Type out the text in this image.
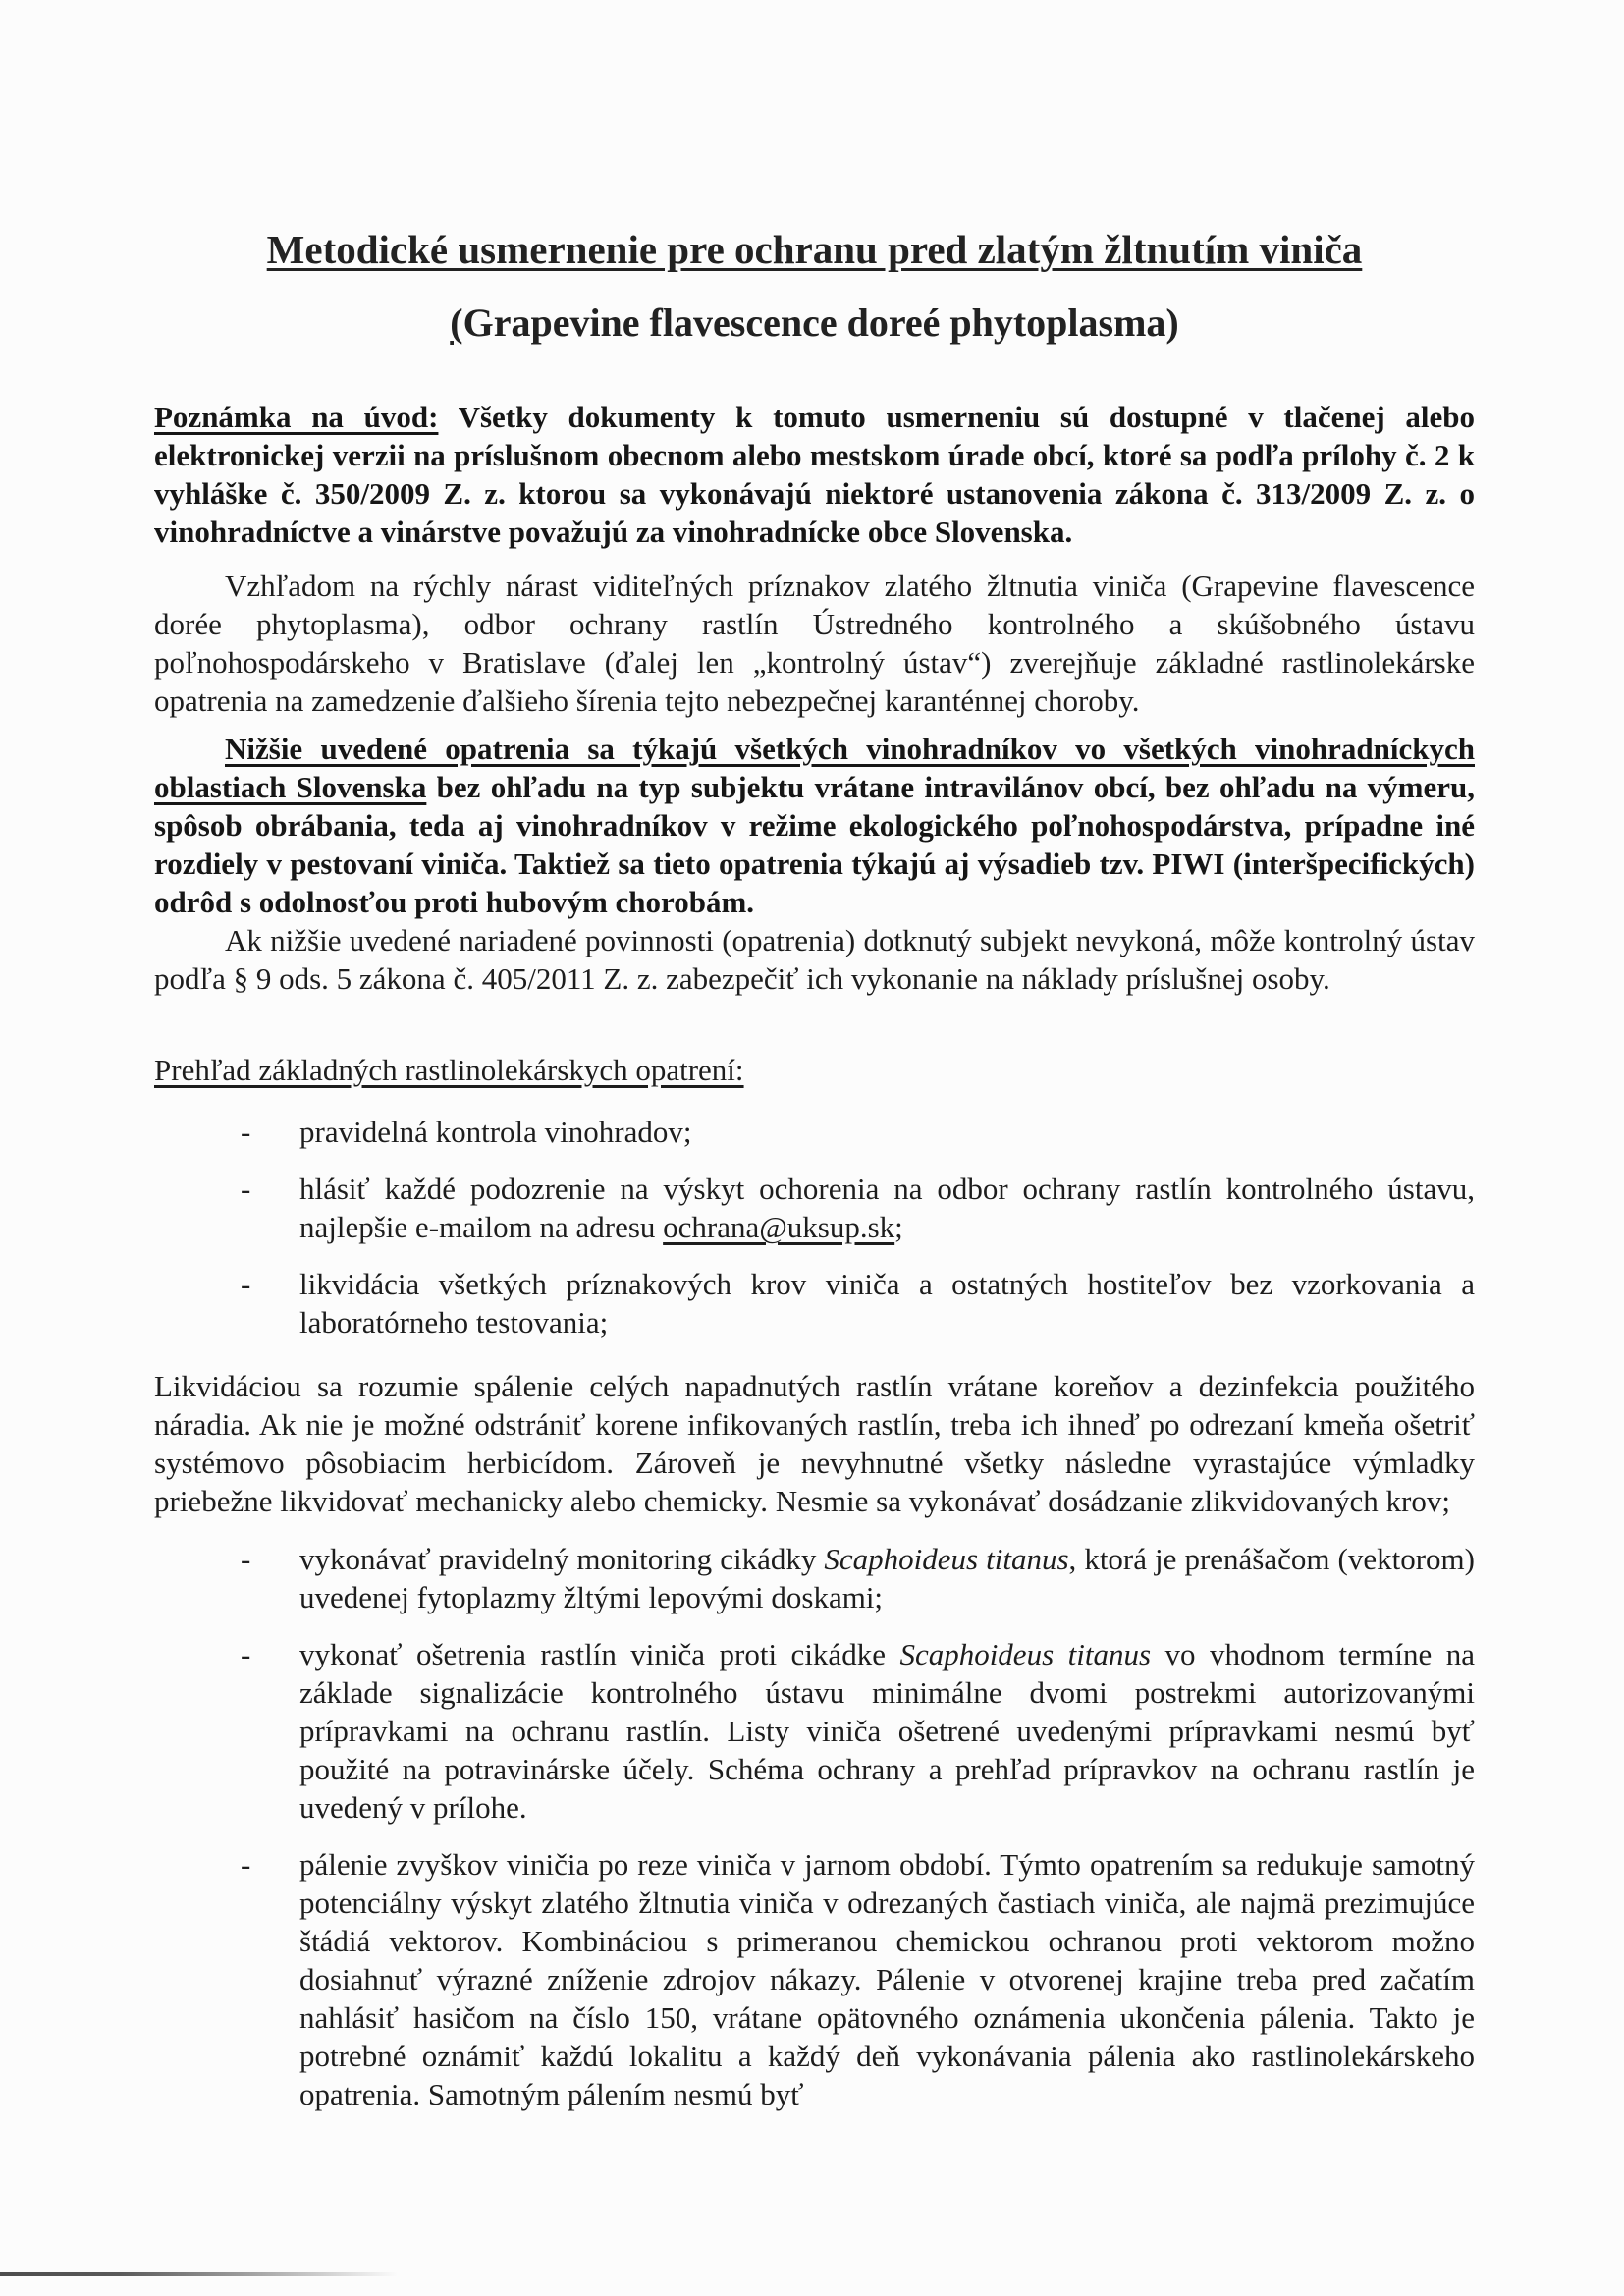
Metodické usmernenie pre ochranu pred zlatým žltnutím viniča
(Grapevine flavescence doreé phytoplasma)

Poznámka na úvod: Všetky dokumenty k tomuto usmerneniu sú dostupné v tlačenej alebo elektronickej verzii na príslušnom obecnom alebo mestskom úrade obcí, ktoré sa podľa prílohy č. 2 k vyhláške č. 350/2009 Z. z. ktorou sa vykonávajú niektoré ustanovenia zákona č. 313/2009 Z. z. o vinohradníctve a vinárstve považujú za vinohradnícke obce Slovenska.

Vzhľadom na rýchly nárast viditeľných príznakov zlatého žltnutia viniča (Grapevine flavescence dorée phytoplasma), odbor ochrany rastlín Ústredného kontrolného a skúšobného ústavu poľnohospodárskeho v Bratislave (ďalej len „kontrolný ústav“) zverejňuje základné rastlinolekárske opatrenia na zamedzenie ďalšieho šírenia tejto nebezpečnej karanténnej choroby.

Nižšie uvedené opatrenia sa týkajú všetkých vinohradníkov vo všetkých vinohradníckych oblastiach Slovenska bez ohľadu na typ subjektu vrátane intravilánov obcí, bez ohľadu na výmeru, spôsob obrábania, teda aj vinohradníkov v režime ekologického poľnohospodárstva, prípadne iné rozdiely v pestovaní viniča. Taktiež sa tieto opatrenia týkajú aj výsadieb tzv. PIWI (interšpecifických) odrôd s odolnosťou proti hubovým chorobám.

Ak nižšie uvedené nariadené povinnosti (opatrenia) dotknutý subjekt nevykoná, môže kontrolný ústav podľa § 9 ods. 5 zákona č. 405/2011 Z. z. zabezpečiť ich vykonanie na náklady príslušnej osoby.

Prehľad základných rastlinolekárskych opatrení:
-	pravidelná kontrola vinohradov;
-	hlásiť každé podozrenie na výskyt ochorenia na odbor ochrany rastlín kontrolného ústavu, najlepšie e-mailom na adresu ochrana@uksup.sk;
-	likvidácia všetkých príznakových krov viniča a ostatných hostiteľov bez vzorkovania a laboratórneho testovania;

Likvidáciou sa rozumie spálenie celých napadnutých rastlín vrátane koreňov a dezinfekcia použitého náradia. Ak nie je možné odstrániť korene infikovaných rastlín, treba ich ihneď po odrezaní kmeňa ošetriť systémovo pôsobiacim herbicídom. Zároveň je nevyhnutné všetky následne vyrastajúce výmladky priebežne likvidovať mechanicky alebo chemicky. Nesmie sa vykonávať dosádzanie zlikvidovaných krov;

-	vykonávať pravidelný monitoring cikádky Scaphoideus titanus, ktorá je prenášačom (vektorom) uvedenej fytoplazmy žltými lepovými doskami;
-	vykonať ošetrenia rastlín viniča proti cikádke Scaphoideus titanus vo vhodnom termíne na základe signalizácie kontrolného ústavu minimálne dvomi postrekmi autorizovanými prípravkami na ochranu rastlín. Listy viniča ošetrené uvedenými prípravkami nesmú byť použité na potravinárske účely. Schéma ochrany a prehľad prípravkov na ochranu rastlín je uvedený v prílohe.
-	pálenie zvyškov viničia po reze viniča v jarnom období. Týmto opatrením sa redukuje samotný potenciálny výskyt zlatého žltnutia viniča v odrezaných častiach viniča, ale najmä prezimujúce štádiá vektorov. Kombináciou s primeranou chemickou ochranou proti vektorom možno dosiahnuť výrazné zníženie zdrojov nákazy. Pálenie v otvorenej krajine treba pred začatím nahlásiť hasičom na číslo 150, vrátane opätovného oznámenia ukončenia pálenia. Takto je potrebné oznámiť každú lokalitu a každý deň vykonávania pálenia ako rastlinolekárskeho opatrenia. Samotným pálením nesmú byť
